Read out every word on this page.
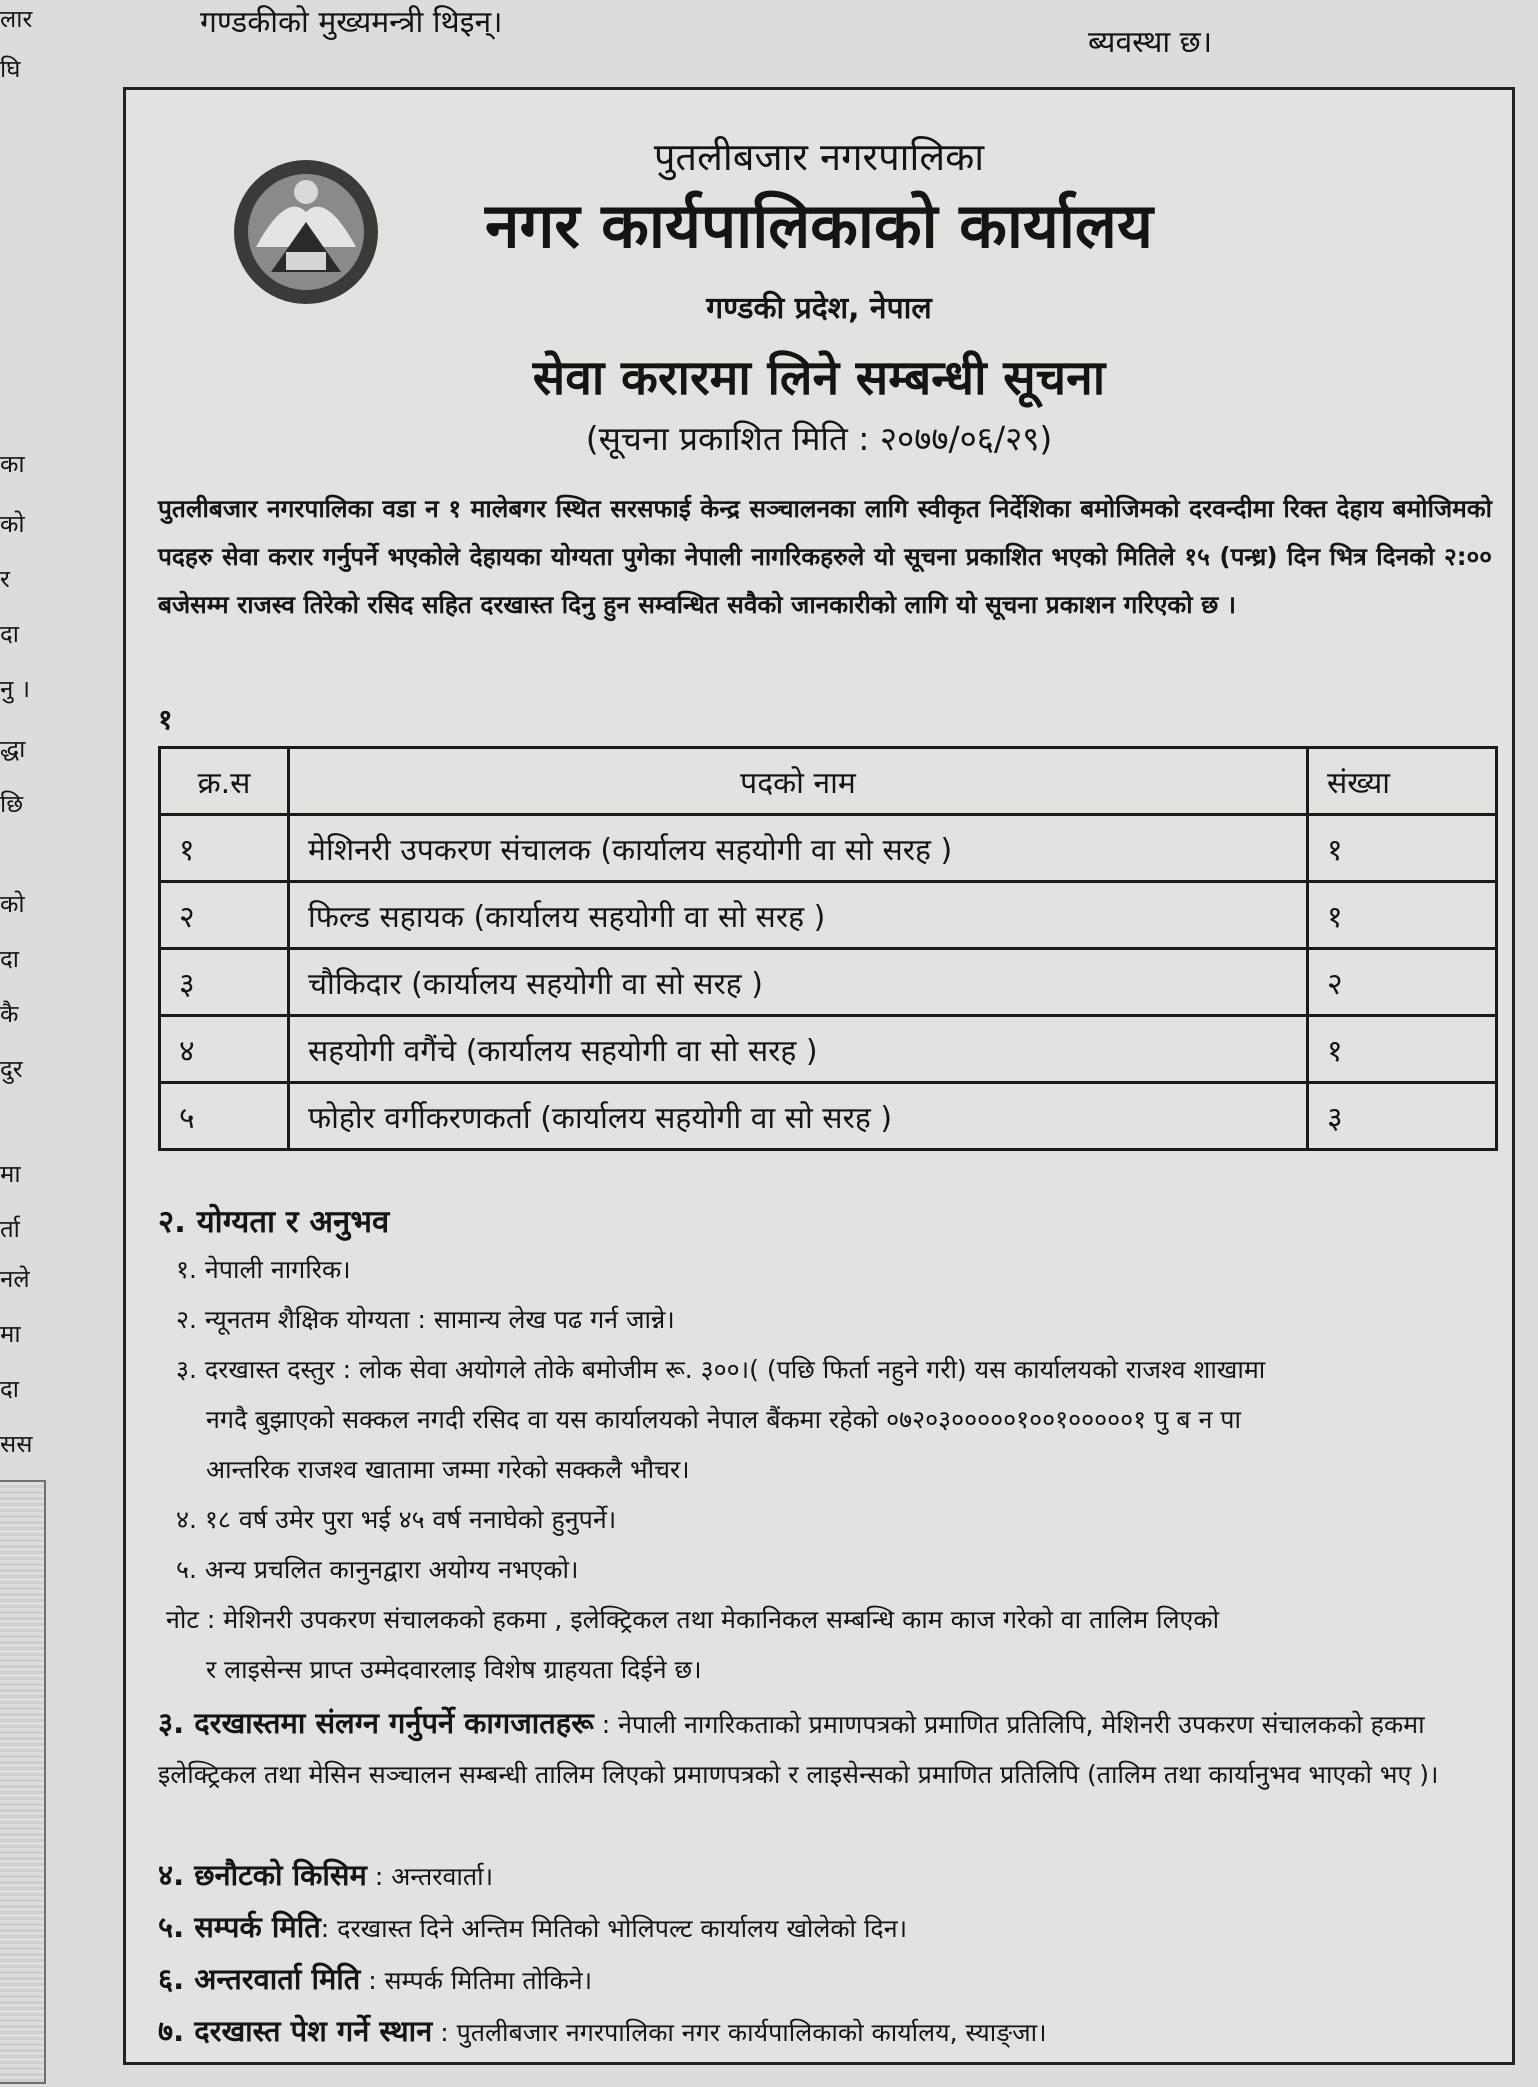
लार
घि
का
को
र
दा
नु ।
द्धा
छि
को
दा
कै
दुर
मा
र्ता
नले
मा
दा
सस
गण्डकीको मुख्यमन्त्री थिइन्।
ब्यवस्था छ।
पुतलीबजार नगरपालिका
नगर कार्यपालिकाको कार्यालय
गण्डकी प्रदेश, नेपाल
सेवा करारमा लिने सम्बन्धी सूचना
(सूचना प्रकाशित मिति : २०७७/०६/२९)
पुतलीबजार नगरपालिका वडा न १ मालेबगर स्थित सरसफाई केन्द्र सञ्चालनका लागि स्वीकृत निर्देशिका बमोजिमको दरवन्दीमा रिक्त देहाय बमोजिमको पदहरु सेवा करार गर्नुपर्ने भएकोले देहायका योग्यता पुगेका नेपाली नागरिकहरुले यो सूचना प्रकाशित भएको मितिले १५ (पन्ध्र) दिन भित्र दिनको २:०० बजेसम्म राजस्व तिरेको रसिद सहित दरखास्त दिनु हुन सम्वन्धित सवैको जानकारीको लागि यो सूचना प्रकाशन गरिएको छ ।
१
क्र.स	पदको नाम	संख्या
१	मेशिनरी उपकरण संचालक (कार्यालय सहयोगी वा सो सरह )	१
२	फिल्ड सहायक (कार्यालय सहयोगी वा सो सरह )	१
३	चौकिदार (कार्यालय सहयोगी वा सो सरह )	२
४	सहयोगी वगैंचे (कार्यालय सहयोगी वा सो सरह )	१
५	फोहोर वर्गीकरणकर्ता (कार्यालय सहयोगी वा सो सरह )	३
२. योग्यता र अनुभव
१. नेपाली नागरिक।
२. न्यूनतम शैक्षिक योग्यता : सामान्य लेख पढ गर्न जान्ने।
३. दरखास्त दस्तुर : लोक सेवा अयोगले तोके बमोजीम रू. ३००।( (पछि फिर्ता नहुने गरी) यस कार्यालयको राजश्व शाखामा
नगदै बुझाएको सक्कल नगदी रसिद वा यस कार्यालयको नेपाल बैंकमा रहेको ०७२०३०००००१००१०००००१ पु ब न पा
आन्तरिक राजश्व खातामा जम्मा गरेको सक्कलै भौचर।
४. १८ वर्ष उमेर पुरा भई ४५ वर्ष ननाघेको हुनुपर्ने।
५. अन्य प्रचलित कानुनद्वारा अयोग्य नभएको।
नोट : मेशिनरी उपकरण संचालकको हकमा , इलेक्ट्रिकल तथा मेकानिकल सम्बन्धि काम काज गरेको वा तालिम लिएको
र लाइसेन्स प्राप्त उम्मेदवारलाइ विशेष ग्राहयता दिईने छ।
३. दरखास्तमा संलग्न गर्नुपर्ने कागजातहरू : नेपाली नागरिकताको प्रमाणपत्रको प्रमाणित प्रतिलिपि, मेशिनरी उपकरण संचालकको हकमा इलेक्ट्रिकल तथा मेसिन सञ्चालन सम्बन्धी तालिम लिएको प्रमाणपत्रको र लाइसेन्सको प्रमाणित प्रतिलिपि (तालिम तथा कार्यानुभव भाएको भए )।
४. छनौटको किसिम : अन्तरवार्ता।
५. सम्पर्क मिति: दरखास्त दिने अन्तिम मितिको भोलिपल्ट कार्यालय खोलेको दिन।
६. अन्तरवार्ता मिति : सम्पर्क मितिमा तोकिने।
७. दरखास्त पेश गर्ने स्थान : पुतलीबजार नगरपालिका नगर कार्यपालिकाको कार्यालय, स्याङ्जा।
